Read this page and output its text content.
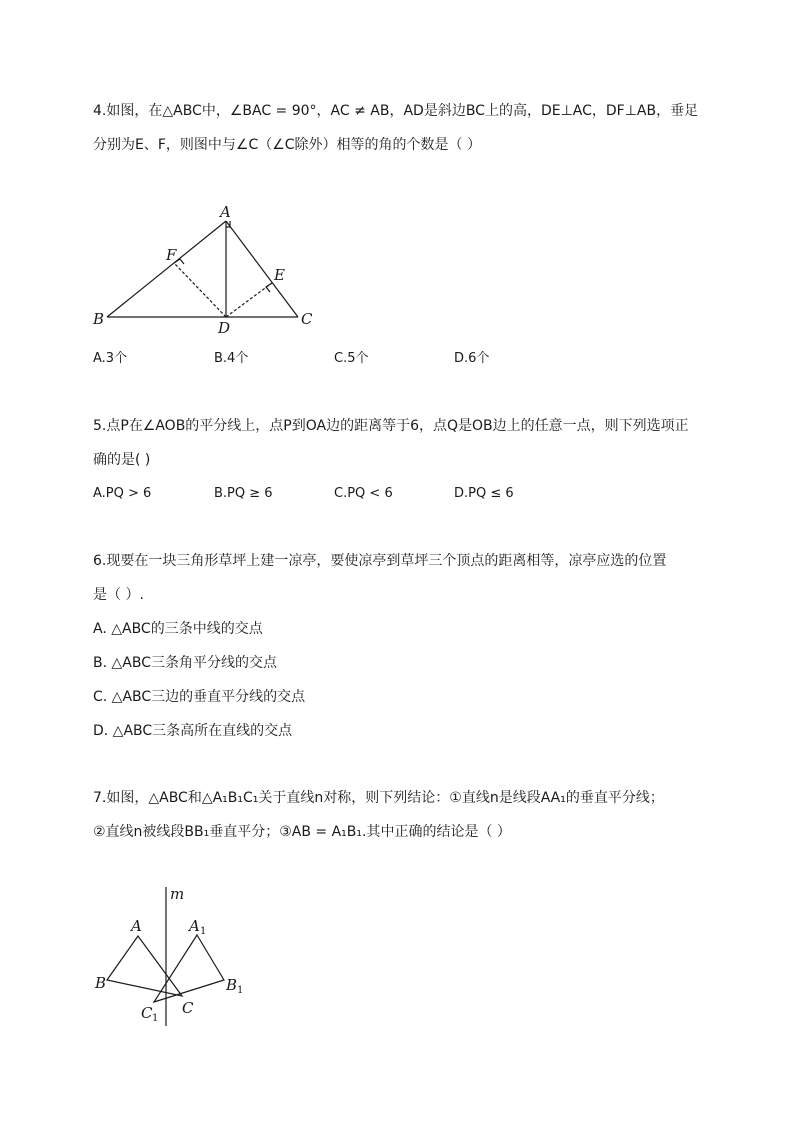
4.如图，在△ABC中，∠BAC = 90°，AC ≠ AB，AD是斜边BC上的高，DE⊥AC，DF⊥AB，垂足
分别为E、F，则图中与∠C（∠C除外）相等的角的个数是（ ）
A
B	C
D
E
F
m
A	A 1
B	B 1
C
C 1
A.3个	B.4个	C.5个	D.6个
5.点P在∠AOB的平分线上，点P到OA边的距离等于6，点Q是OB边上的任意一点，则下列选项正
确的是( )
A.PQ > 6	B.PQ ≥ 6	C.PQ < 6	D.PQ ≤ 6
6.现要在一块三角形草坪上建一凉亭，要使凉亭到草坪三个顶点的距离相等，凉亭应选的位置
是（ ）.
A. △ABC的三条中线的交点
B. △ABC三条角平分线的交点
C. △ABC三边的垂直平分线的交点
D. △ABC三条高所在直线的交点
7.如图，△ABC和△A₁B₁C₁关于直线n对称，则下列结论：①直线n是线段AA₁的垂直平分线；
②直线n被线段BB₁垂直平分；③AB = A₁B₁.其中正确的结论是（ ）
